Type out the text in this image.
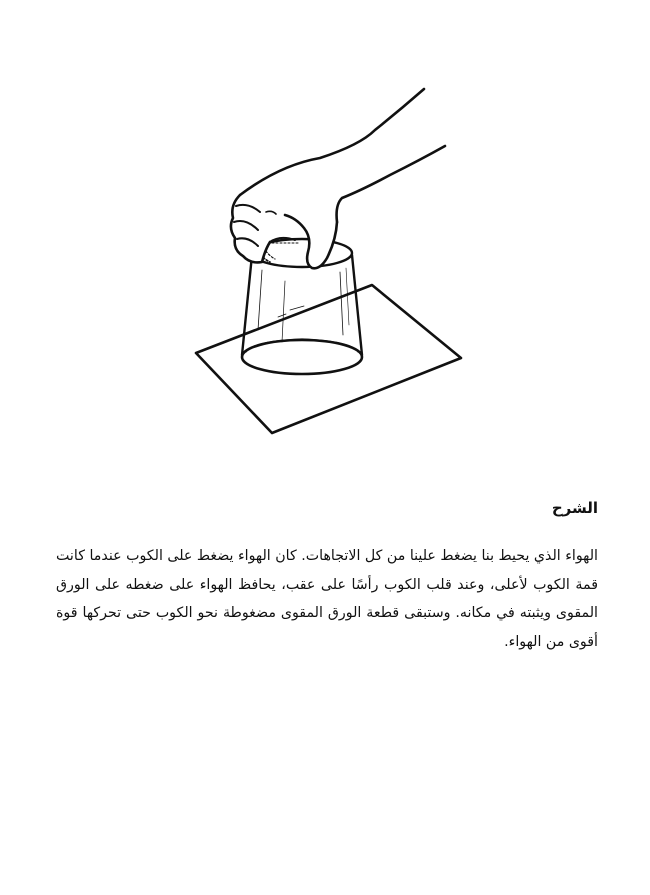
الشرح

الهواء الذي يحيط بنا يضغط علينا من كل الاتجاهات. كان الهواء يضغط على الكوب عندما كانت قمة الكوب لأعلى، وعند قلب الكوب رأسًا على عقب، يحافظ الهواء على ضغطه على الورق المقوى ويثبته في مكانه. وستبقى قطعة الورق المقوى مضغوطة نحو الكوب حتى تحركها قوة أقوى من الهواء.
